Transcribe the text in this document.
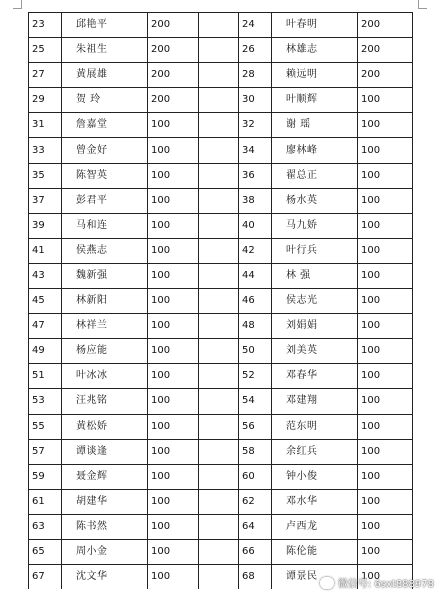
23	邱艳平	200		24	叶春明	200
25	朱祖生	200		26	林雄志	200
27	黄展雄	200		28	赖远明	200
29	贺 玲	200		30	叶顺辉	100
31	詹嘉堂	100		32	谢 瑶	100
33	曾金好	100		34	廖林峰	100
35	陈智英	100		36	翟总正	100
37	彭君平	100		38	杨水英	100
39	马和连	100		40	马九娇	100
41	侯燕志	100		42	叶行兵	100
43	魏新强	100		44	林 强	100
45	林新阳	100		46	侯志光	100
47	林祥兰	100		48	刘娟娟	100
49	杨应能	100		50	刘美英	100
51	叶冰冰	100		52	邓春华	100
53	汪兆铭	100		54	邓建翔	100
55	黄松娇	100		56	范东明	100
57	谭谈逢	100		58	余红兵	100
59	聂金辉	100		60	钟小俊	100
61	胡建华	100		62	邓水华	100
63	陈书然	100		64	卢西龙	100
65	周小金	100		66	陈伦能	100
67	沈文华	100		68	谭景民	100
微信号: 6sxt888978
